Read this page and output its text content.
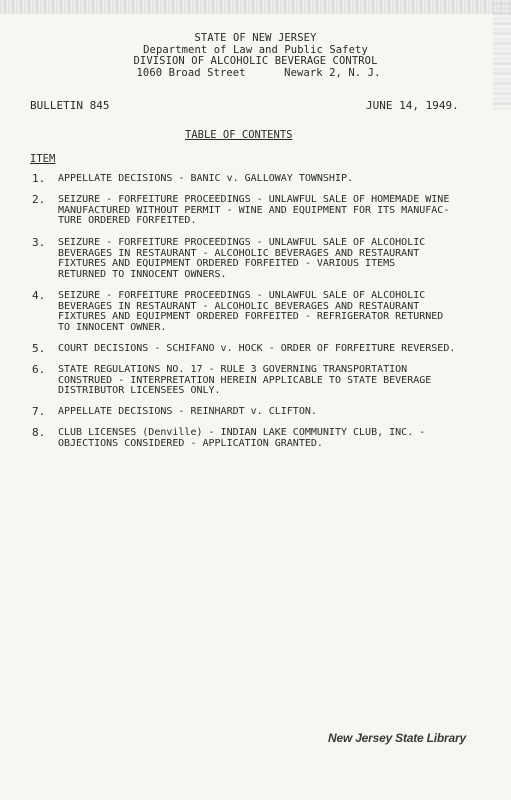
STATE OF NEW JERSEY
Department of Law and Public Safety
DIVISION OF ALCOHOLIC BEVERAGE CONTROL
1060 Broad Street      Newark 2, N. J.
BULLETIN 845	JUNE 14, 1949.
TABLE OF CONTENTS
ITEM
1.	APPELLATE DECISIONS - BANIC v. GALLOWAY TOWNSHIP.
2.	SEIZURE - FORFEITURE PROCEEDINGS - UNLAWFUL SALE OF HOMEMADE WINE
MANUFACTURED WITHOUT PERMIT - WINE AND EQUIPMENT FOR ITS MANUFAC-
TURE ORDERED FORFEITED.
3.	SEIZURE - FORFEITURE PROCEEDINGS - UNLAWFUL SALE OF ALCOHOLIC
BEVERAGES IN RESTAURANT - ALCOHOLIC BEVERAGES AND RESTAURANT
FIXTURES AND EQUIPMENT ORDERED FORFEITED - VARIOUS ITEMS
RETURNED TO INNOCENT OWNERS.
4.	SEIZURE - FORFEITURE PROCEEDINGS - UNLAWFUL SALE OF ALCOHOLIC
BEVERAGES IN RESTAURANT - ALCOHOLIC BEVERAGES AND RESTAURANT
FIXTURES AND EQUIPMENT ORDERED FORFEITED - REFRIGERATOR RETURNED
TO INNOCENT OWNER.
5.	COURT DECISIONS - SCHIFANO v. HOCK - ORDER OF FORFEITURE REVERSED.
6.	STATE REGULATIONS NO. 17 - RULE 3 GOVERNING TRANSPORTATION
CONSTRUED - INTERPRETATION HEREIN APPLICABLE TO STATE BEVERAGE
DISTRIBUTOR LICENSEES ONLY.
7.	APPELLATE DECISIONS - REINHARDT v. CLIFTON.
8.	CLUB LICENSES (Denville) - INDIAN LAKE COMMUNITY CLUB, INC. -
OBJECTIONS CONSIDERED - APPLICATION GRANTED.
New Jersey State Library
